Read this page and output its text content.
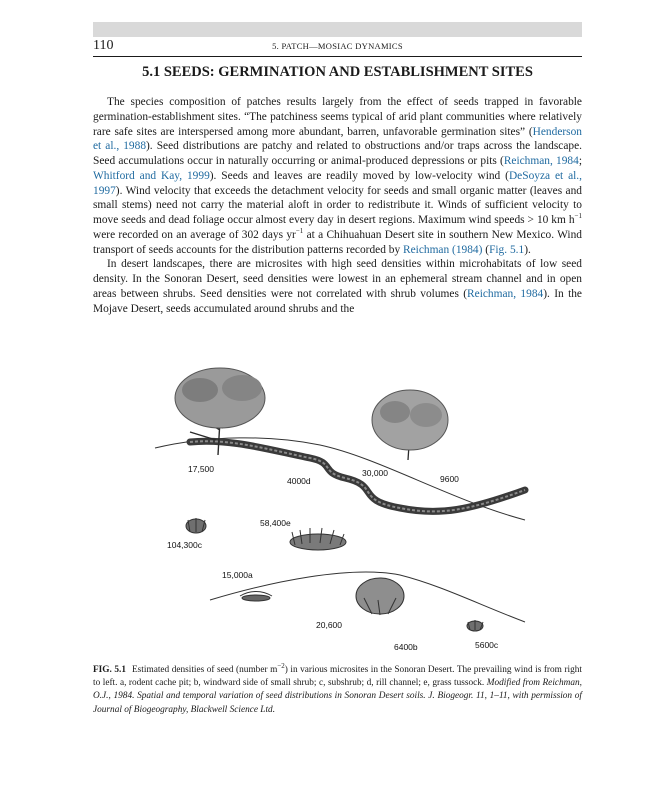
110	5. PATCH—MOSIAC DYNAMICS
5.1 SEEDS: GERMINATION AND ESTABLISHMENT SITES

The species composition of patches results largely from the effect of seeds trapped in favorable germination-establishment sites. “The patchiness seems typical of arid plant communities where relatively rare safe sites are interspersed among more abundant, barren, unfavorable germination sites” (Henderson et al., 1988). Seed distributions are patchy and related to obstructions and/or traps across the landscape. Seed accumulations occur in naturally occurring or animal-produced depressions or pits (Reichman, 1984; Whitford and Kay, 1999). Seeds and leaves are readily moved by low-velocity wind (DeSoyza et al., 1997). Wind velocity that exceeds the detachment velocity for seeds and small organic matter (leaves and small stems) need not carry the material aloft in order to redistribute it. Winds of sufficient velocity to move seeds and dead foliage occur almost every day in desert regions. Maximum wind speeds > 10 km $h^{-1}$ were recorded on an average of 302 days $yr^{-1}$ at a Chihuahuan Desert site in southern New Mexico. Wind transport of seeds accounts for the distribution patterns recorded by Reichman (1984) (Fig. 5.1).

In desert landscapes, there are microsites with high seed densities within microhabitats of low seed density. In the Sonoran Desert, seed densities were lowest in an ephemeral stream channel and in open areas between shrubs. Seed densities were not correlated with shrub volumes (Reichman, 1984). In the Mojave Desert, seeds accumulated around shrubs and the

17,500
4000d
30,000
9600
58,400e
104,300c
15,000a
20,600
6400b	5600c
FIG. 5.1 Estimated densities of seed (number $m^{-2}$) in various microsites in the Sonoran Desert. The prevailing wind is from right to left. a, rodent cache pit; b, windward side of small shrub; c, subshrub; d, rill channel; e, grass tussock. Modified from Reichman, O.J., 1984. Spatial and temporal variation of seed distributions in Sonoran Desert soils. J. Biogeogr. 11, 1–11, with permission of Journal of Biogeography, Blackwell Science Ltd.
